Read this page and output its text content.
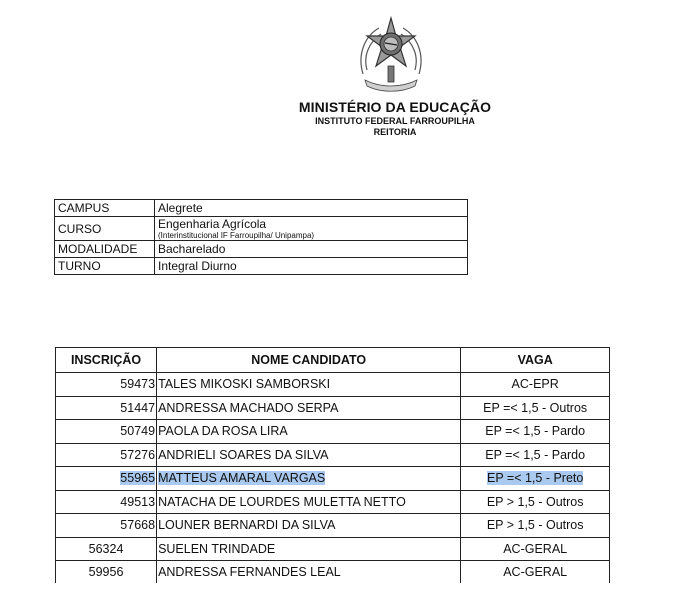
MINISTÉRIO DA EDUCAÇÃO
INSTITUTO FEDERAL FARROUPILHA
REITORIA
CAMPUS	Alegrete
CURSO	Engenharia Agrícola
(Interinstitucional IF Farroupilha/ Unipampa)

MODALIDADE	Bacharelado
TURNO	Integral Diurno
INSCRIÇÃO	NOME CANDIDATO	VAGA
59473	TALES MIKOSKI SAMBORSKI	AC-EPR
51447	ANDRESSA MACHADO SERPA	EP =< 1,5 - Outros
50749	PAOLA DA ROSA LIRA	EP =< 1,5 - Pardo
57276	ANDRIELI SOARES DA SILVA	EP =< 1,5 - Pardo
55965	MATTEUS AMARAL VARGAS	EP =< 1,5 - Preto
49513	NATACHA DE LOURDES MULETTA NETTO	EP > 1,5 - Outros
57668	LOUNER BERNARDI DA SILVA	EP > 1,5 - Outros
56324	SUELEN TRINDADE	AC-GERAL
59956	ANDRESSA FERNANDES LEAL	AC-GERAL
